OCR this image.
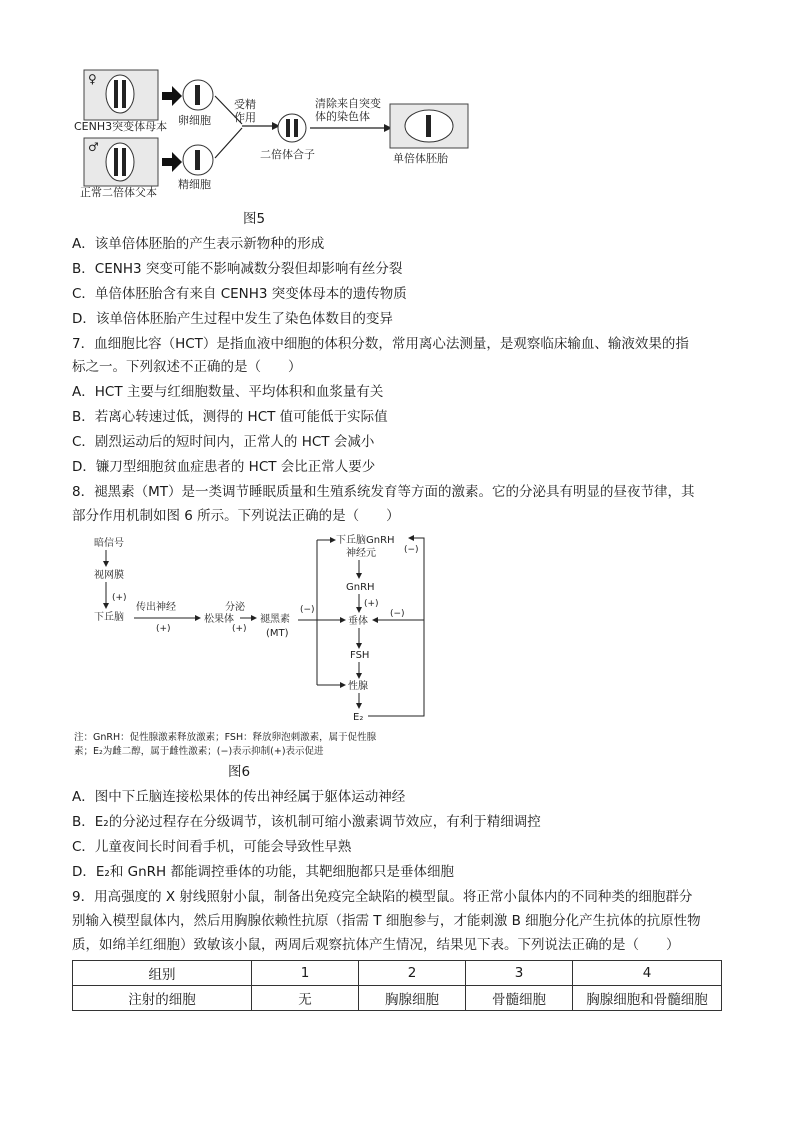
♀
CENH3突变体母本
♂
正常二倍体父本
卵细胞
精细胞
受精
作用
二倍体合子
清除来自突变
体的染色体
单倍体胚胎
图5
A．该单倍体胚胎的产生表示新物种的形成
B．CENH3 突变可能不影响减数分裂但却影响有丝分裂
C．单倍体胚胎含有来自 CENH3 突变体母本的遗传物质
D．该单倍体胚胎产生过程中发生了染色体数目的变异
7．血细胞比容（HCT）是指血液中细胞的体积分数，常用离心法测量，是观察临床输血、输液效果的指
标之一。下列叙述不正确的是（　　）
A．HCT 主要与红细胞数量、平均体积和血浆量有关
B．若离心转速过低，测得的 HCT 值可能低于实际值
C．剧烈运动后的短时间内，正常人的 HCT 会减小
D．镰刀型细胞贫血症患者的 HCT 会比正常人要少
8．褪黑素（MT）是一类调节睡眠质量和生殖系统发育等方面的激素。它的分泌具有明显的昼夜节律，其
部分作用机制如图 6 所示。下列说法正确的是（　　）
暗信号
视网膜
(+)
下丘脑
传出神经
(+)
松果体
分泌
(+)
褪黑素
(MT)
(−)
下丘脑GnRH
神经元
GnRH
(+)
垂体
FSH
性腺
E₂
(−)
(−)
注：GnRH：促性腺激素释放激素；FSH：释放卵泡刺激素，属于促性腺
素；E₂为雌二醇，属于雌性激素；(−)表示抑制(+)表示促进
图6
A．图中下丘脑连接松果体的传出神经属于躯体运动神经
B．E₂的分泌过程存在分级调节，该机制可缩小激素调节效应，有利于精细调控
C．儿童夜间长时间看手机，可能会导致性早熟
D．E₂和 GnRH 都能调控垂体的功能，其靶细胞都只是垂体细胞
9．用高强度的 X 射线照射小鼠，制备出免疫完全缺陷的模型鼠。将正常小鼠体内的不同种类的细胞群分
别输入模型鼠体内，然后用胸腺依赖性抗原（指需 T 细胞参与，才能刺激 B 细胞分化产生抗体的抗原性物
质，如绵羊红细胞）致敏该小鼠，两周后观察抗体产生情况，结果见下表。下列说法正确的是（　　）
组别	1	2	3	4
注射的细胞	无	胸腺细胞	骨髓细胞	胸腺细胞和骨髓细胞
